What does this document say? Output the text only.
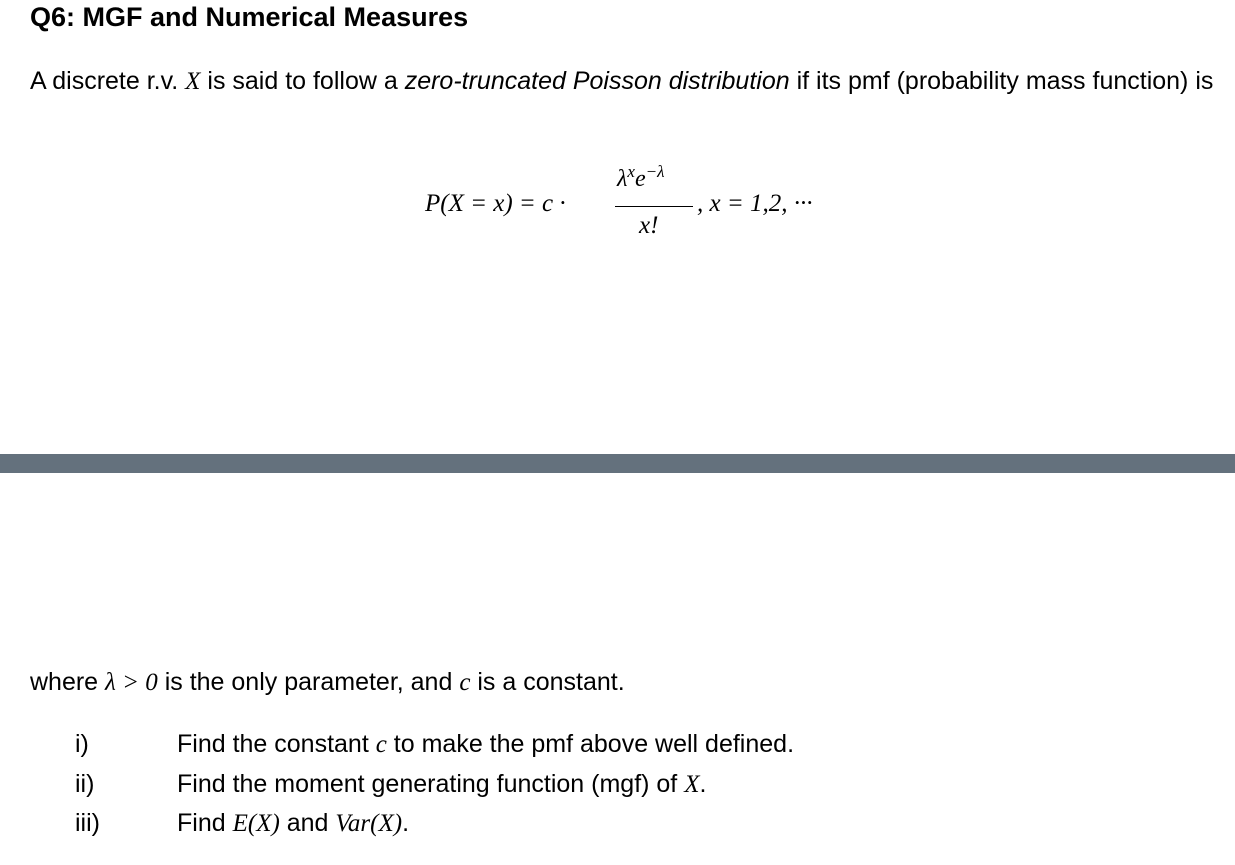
Q6: MGF and Numerical Measures

A discrete r.v. X is said to follow a zero-truncated Poisson distribution if its pmf (probability mass function) is

P(X = x) = c ·
$\lambda^xe^{-\lambda}$
x!
, x = 1,2, ···

where λ > 0 is the only parameter, and c is a constant.

i)	Find the constant c to make the pmf above well defined.
ii)	Find the moment generating function (mgf) of X.
iii)	Find E(X) and Var(X).
